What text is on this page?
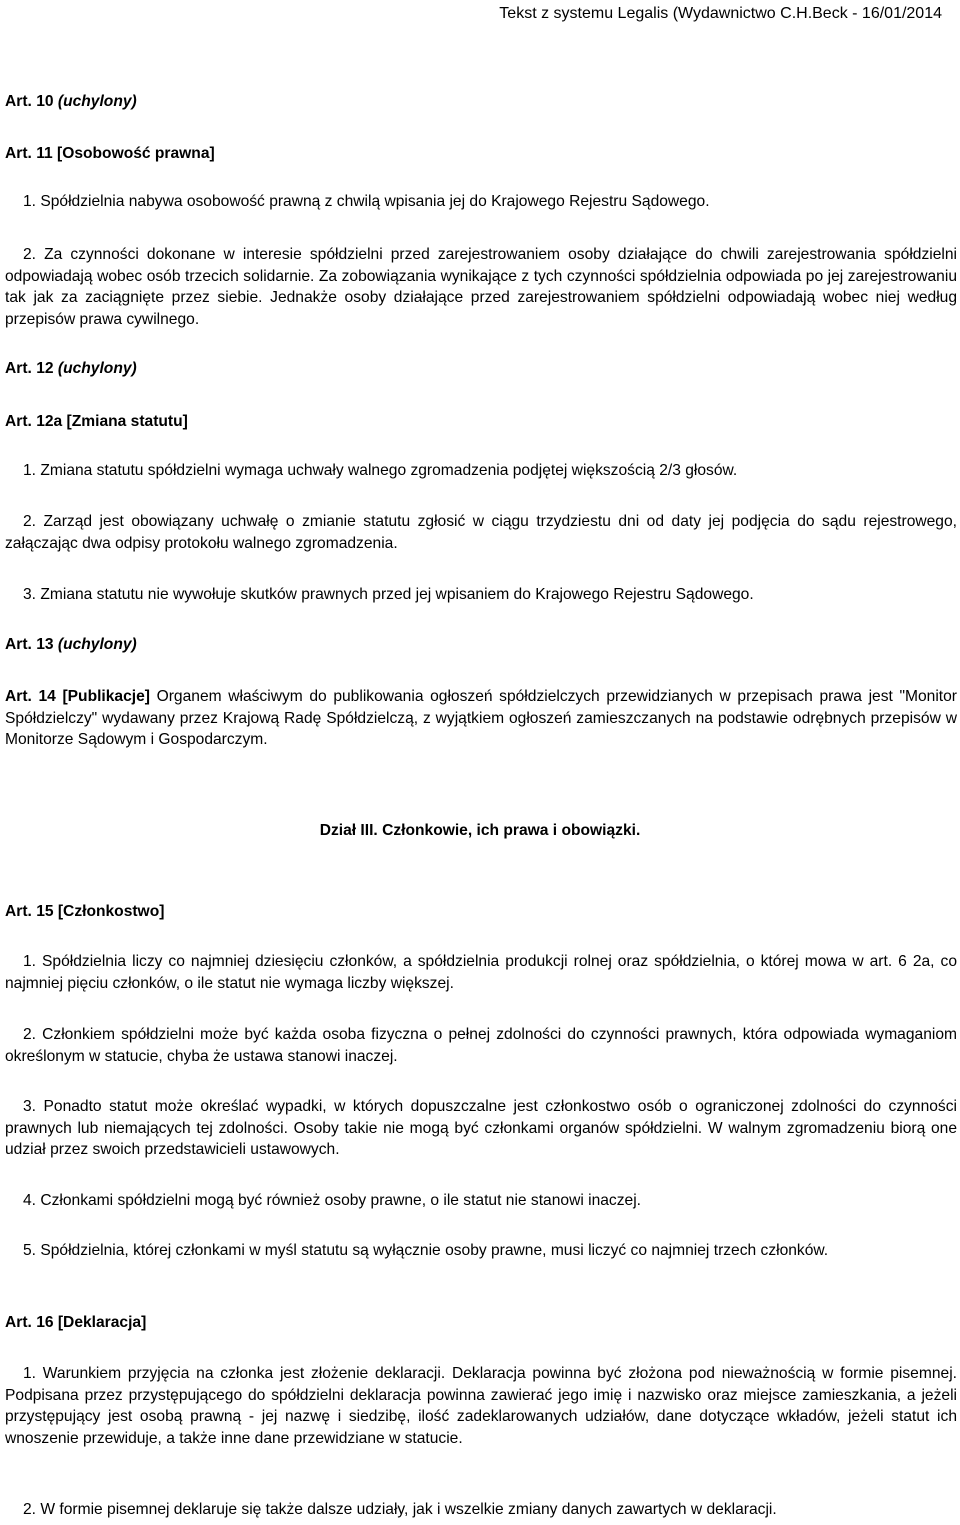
Tekst z systemu Legalis (Wydawnictwo C.H.Beck - 16/01/2014
Art. 10 (uchylony)
Art. 11 [Osobowość prawna]

1. Spółdzielnia nabywa osobowość prawną z chwilą wpisania jej do Krajowego Rejestru Sądowego.

2. Za czynności dokonane w interesie spółdzielni przed zarejestrowaniem osoby działające do chwili zarejestrowania spółdzielni odpowiadają wobec osób trzecich solidarnie. Za zobowiązania wynikające z tych czynności spółdzielnia odpowiada po jej zarejestrowaniu tak jak za zaciągnięte przez siebie. Jednakże osoby działające przed zarejestrowaniem spółdzielni odpowiadają wobec niej według przepisów prawa cywilnego.

Art. 12 (uchylony)
Art. 12a [Zmiana statutu]

1. Zmiana statutu spółdzielni wymaga uchwały walnego zgromadzenia podjętej większością 2/3 głosów.

2. Zarząd jest obowiązany uchwałę o zmianie statutu zgłosić w ciągu trzydziestu dni od daty jej podjęcia do sądu rejestrowego, załączając dwa odpisy protokołu walnego zgromadzenia.

3. Zmiana statutu nie wywołuje skutków prawnych przed jej wpisaniem do Krajowego Rejestru Sądowego.

Art. 13 (uchylony)

Art. 14 [Publikacje] Organem właściwym do publikowania ogłoszeń spółdzielczych przewidzianych w przepisach prawa jest "Monitor Spółdzielczy" wydawany przez Krajową Radę Spółdzielczą, z wyjątkiem ogłoszeń zamieszczanych na podstawie odrębnych przepisów w Monitorze Sądowym i Gospodarczym.

Dział III. Członkowie, ich prawa i obowiązki.
Art. 15 [Członkostwo]

1. Spółdzielnia liczy co najmniej dziesięciu członków, a spółdzielnia produkcji rolnej oraz spółdzielnia, o której mowa w art. 6 2a, co najmniej pięciu członków, o ile statut nie wymaga liczby większej.

2. Członkiem spółdzielni może być każda osoba fizyczna o pełnej zdolności do czynności prawnych, która odpowiada wymaganiom określonym w statucie, chyba że ustawa stanowi inaczej.

3. Ponadto statut może określać wypadki, w których dopuszczalne jest członkostwo osób o ograniczonej zdolności do czynności prawnych lub niemających tej zdolności. Osoby takie nie mogą być członkami organów spółdzielni. W walnym zgromadzeniu biorą one udział przez swoich przedstawicieli ustawowych.

4. Członkami spółdzielni mogą być również osoby prawne, o ile statut nie stanowi inaczej.

5. Spółdzielnia, której członkami w myśl statutu są wyłącznie osoby prawne, musi liczyć co najmniej trzech członków.

Art. 16 [Deklaracja]

1. Warunkiem przyjęcia na członka jest złożenie deklaracji. Deklaracja powinna być złożona pod nieważnością w formie pisemnej. Podpisana przez przystępującego do spółdzielni deklaracja powinna zawierać jego imię i nazwisko oraz miejsce zamieszkania, a jeżeli przystępujący jest osobą prawną - jej nazwę i siedzibę, ilość zadeklarowanych udziałów, dane dotyczące wkładów, jeżeli statut ich wnoszenie przewiduje, a także inne dane przewidziane w statucie.

2. W formie pisemnej deklaruje się także dalsze udziały, jak i wszelkie zmiany danych zawartych w deklaracji.
